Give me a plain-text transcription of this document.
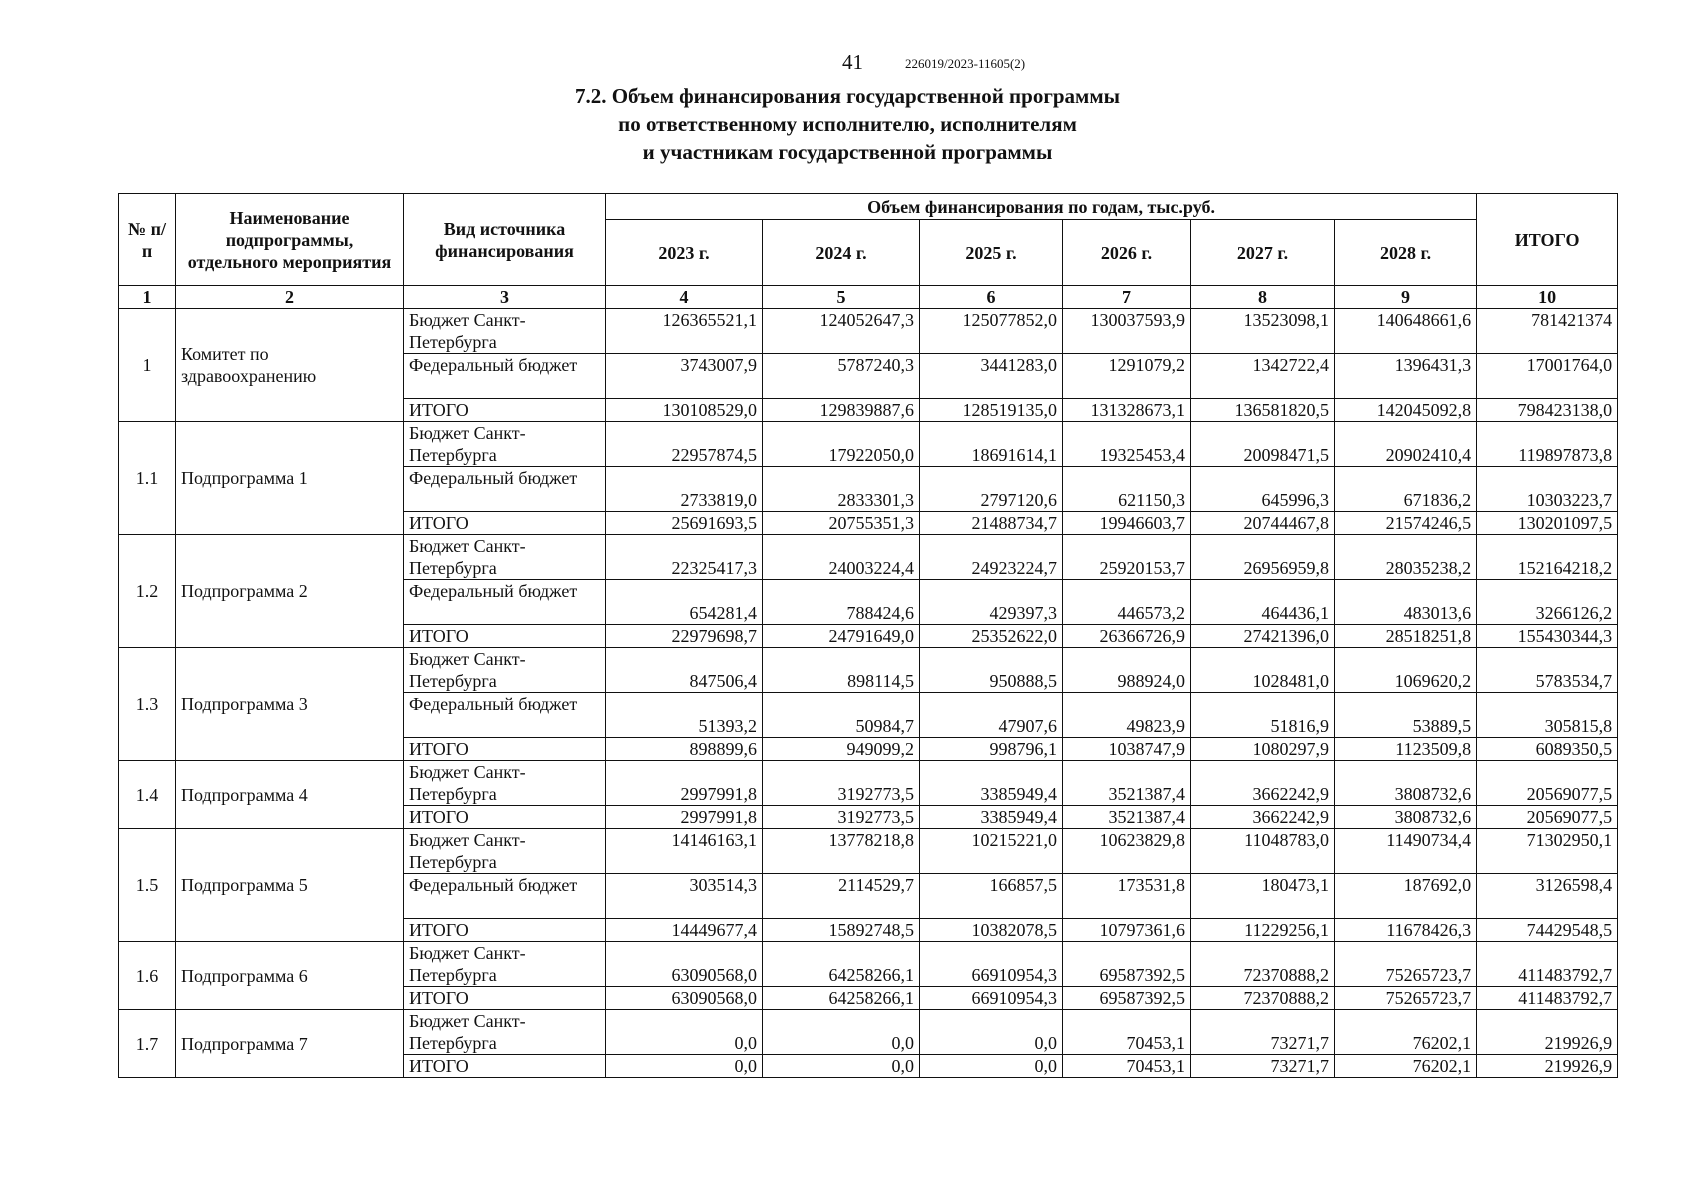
41	226019/2023-11605(2)
7.2. Объем финансирования государственной программы
по ответственному исполнителю, исполнителям
и участникам государственной программы
№ п/п	Наименование подпрограммы, отдельного мероприятия	Вид источника финансирования	Объем финансирования по годам, тыс.руб.						ИТОГО
			2023 г.	2024 г.	2025 г.	2026 г.	2027 г.	2028 г.	
1	2	3	4	5	6	7	8	9	10
1	Комитет по здравоохранению	Бюджет Санкт-Петербурга	126365521,1	124052647,3	125077852,0	130037593,9	13523098,1	140648661,6	781421374
		Федеральный бюджет	3743007,9	5787240,3	3441283,0	1291079,2	1342722,4	1396431,3	17001764,0
		ИТОГО	130108529,0	129839887,6	128519135,0	131328673,1	136581820,5	142045092,8	798423138,0
1.1	Подпрограмма 1	Бюджет Санкт-Петербурга	22957874,5	17922050,0	18691614,1	19325453,4	20098471,5	20902410,4	119897873,8
		Федеральный бюджет	2733819,0	2833301,3	2797120,6	621150,3	645996,3	671836,2	10303223,7
		ИТОГО	25691693,5	20755351,3	21488734,7	19946603,7	20744467,8	21574246,5	130201097,5
1.2	Подпрограмма 2	Бюджет Санкт-Петербурга	22325417,3	24003224,4	24923224,7	25920153,7	26956959,8	28035238,2	152164218,2
		Федеральный бюджет	654281,4	788424,6	429397,3	446573,2	464436,1	483013,6	3266126,2
		ИТОГО	22979698,7	24791649,0	25352622,0	26366726,9	27421396,0	28518251,8	155430344,3
1.3	Подпрограмма 3	Бюджет Санкт-Петербурга	847506,4	898114,5	950888,5	988924,0	1028481,0	1069620,2	5783534,7
		Федеральный бюджет	51393,2	50984,7	47907,6	49823,9	51816,9	53889,5	305815,8
		ИТОГО	898899,6	949099,2	998796,1	1038747,9	1080297,9	1123509,8	6089350,5
1.4	Подпрограмма 4	Бюджет Санкт-Петербурга	2997991,8	3192773,5	3385949,4	3521387,4	3662242,9	3808732,6	20569077,5
		ИТОГО	2997991,8	3192773,5	3385949,4	3521387,4	3662242,9	3808732,6	20569077,5
1.5	Подпрограмма 5	Бюджет Санкт-Петербурга	14146163,1	13778218,8	10215221,0	10623829,8	11048783,0	11490734,4	71302950,1
		Федеральный бюджет	303514,3	2114529,7	166857,5	173531,8	180473,1	187692,0	3126598,4
		ИТОГО	14449677,4	15892748,5	10382078,5	10797361,6	11229256,1	11678426,3	74429548,5
1.6	Подпрограмма 6	Бюджет Санкт-Петербурга	63090568,0	64258266,1	66910954,3	69587392,5	72370888,2	75265723,7	411483792,7
		ИТОГО	63090568,0	64258266,1	66910954,3	69587392,5	72370888,2	75265723,7	411483792,7
1.7	Подпрограмма 7	Бюджет Санкт-Петербурга	0,0	0,0	0,0	70453,1	73271,7	76202,1	219926,9
		ИТОГО	0,0	0,0	0,0	70453,1	73271,7	76202,1	219926,9
